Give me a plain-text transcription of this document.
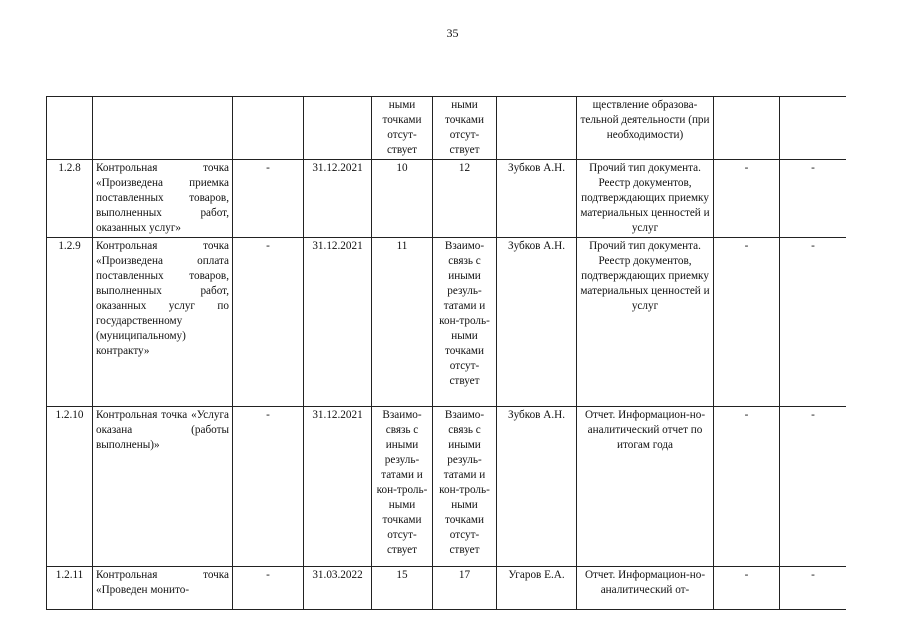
35
				ными точками отсут-ствует	ными точками отсут-ствует		ществление образова-тельной деятельности (при необходимости)		
1.2.8	Контрольная точка «Произведена приемка поставленных товаров, выполненных работ, оказанных услуг»	-	31.12.2021	10	12	Зубков А.Н.	Прочий тип документа. Реестр документов, подтверждающих приемку материальных ценностей и услуг	-	-
1.2.9	Контрольная точка «Произведена оплата поставленных товаров, выполненных работ, оказанных услуг по государственному (муниципальному) контракту»	-	31.12.2021	11	Взаимо-связь с иными резуль-татами и кон-троль-ными точками отсут-ствует	Зубков А.Н.	Прочий тип документа. Реестр документов, подтверждающих приемку материальных ценностей и услуг	-	-
1.2.10	Контрольная точка «Услуга оказана (работы выполнены)»	-	31.12.2021	Взаимо-связь с иными резуль-татами и кон-троль-ными точками отсут-ствует	Взаимо-связь с иными резуль-татами и кон-троль-ными точками отсут-ствует	Зубков А.Н.	Отчет. Информацион-но-аналитический отчет по итогам года	-	-
1.2.11	Контрольная точка «Проведен монито-	-	31.03.2022	15	17	Угаров Е.А.	Отчет. Информацион-но-аналитический от-	-	-
